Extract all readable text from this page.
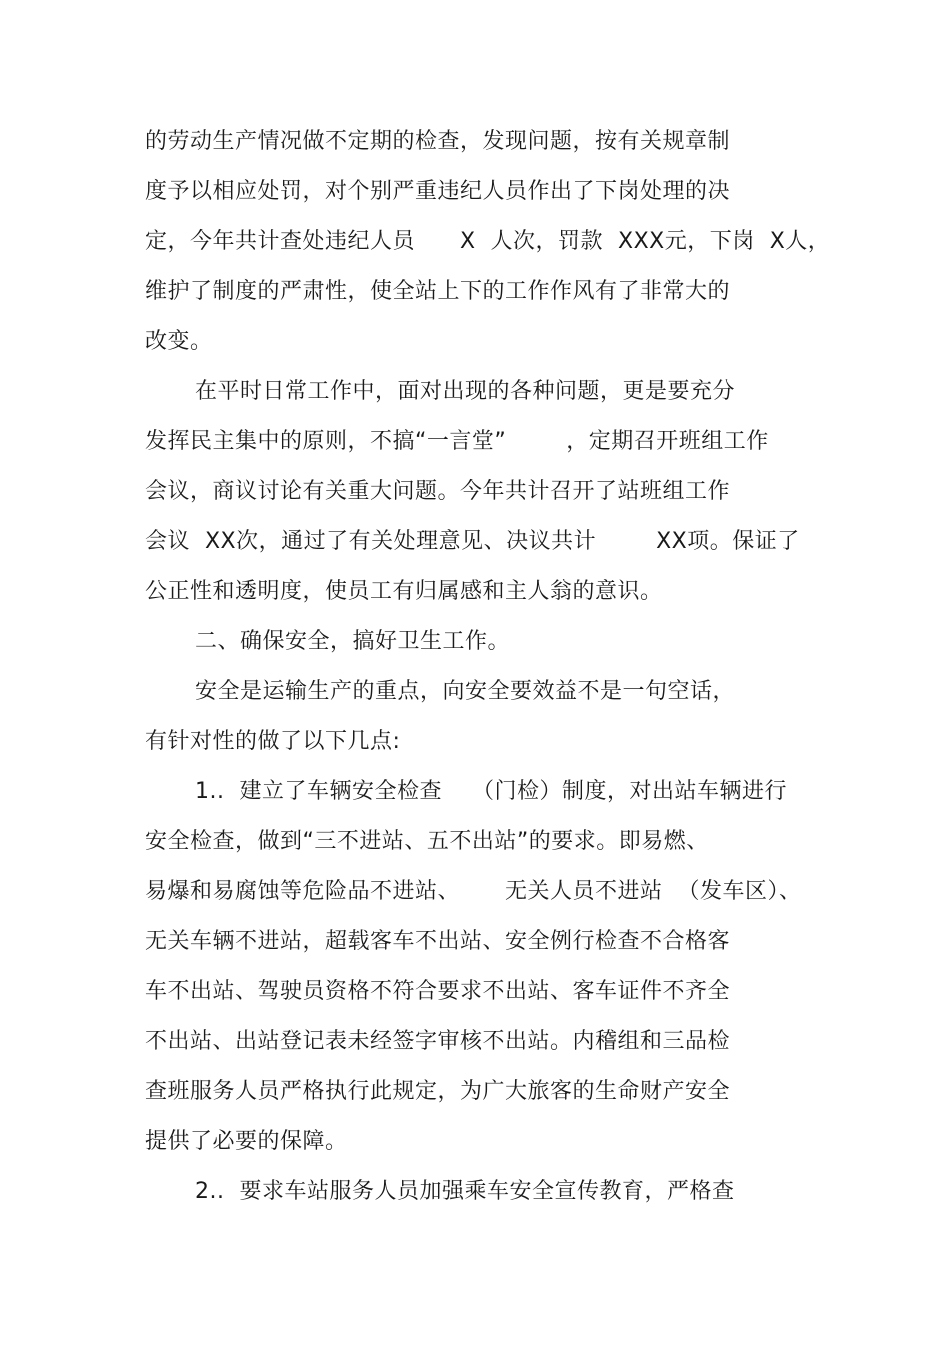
的劳动生产情况做不定期的检查，发现问题，按有关规章制
度予以相应处罚，对个别严重违纪人员作出了下岗处理的决
定，今年共计查处违纪人员      X  人次，罚款  XXX元，下岗  X人，
维护了制度的严肃性，使全站上下的工作作风有了非常大的
改变。
在平时日常工作中，面对出现的各种问题，更是要充分
发挥民主集中的原则，不搞“一言堂”        ，定期召开班组工作
会议，商议讨论有关重大问题。今年共计召开了站班组工作
会议  XX次，通过了有关处理意见、决议共计        XX项。保证了
公正性和透明度，使员工有归属感和主人翁的意识。
二、确保安全，搞好卫生工作。
安全是运输生产的重点，向安全要效益不是一句空话，
有针对性的做了以下几点:
1..  建立了车辆安全检查    （门检）制度，对出站车辆进行
安全检查，做到“三不进站、五不出站”的要求。即易燃、
易爆和易腐蚀等危险品不进站、      无关人员不进站  （发车区）、
无关车辆不进站，超载客车不出站、安全例行检查不合格客
车不出站、驾驶员资格不符合要求不出站、客车证件不齐全
不出站、出站登记表未经签字审核不出站。内稽组和三品检
查班服务人员严格执行此规定，为广大旅客的生命财产安全
提供了必要的保障。
2..  要求车站服务人员加强乘车安全宣传教育，严格查
